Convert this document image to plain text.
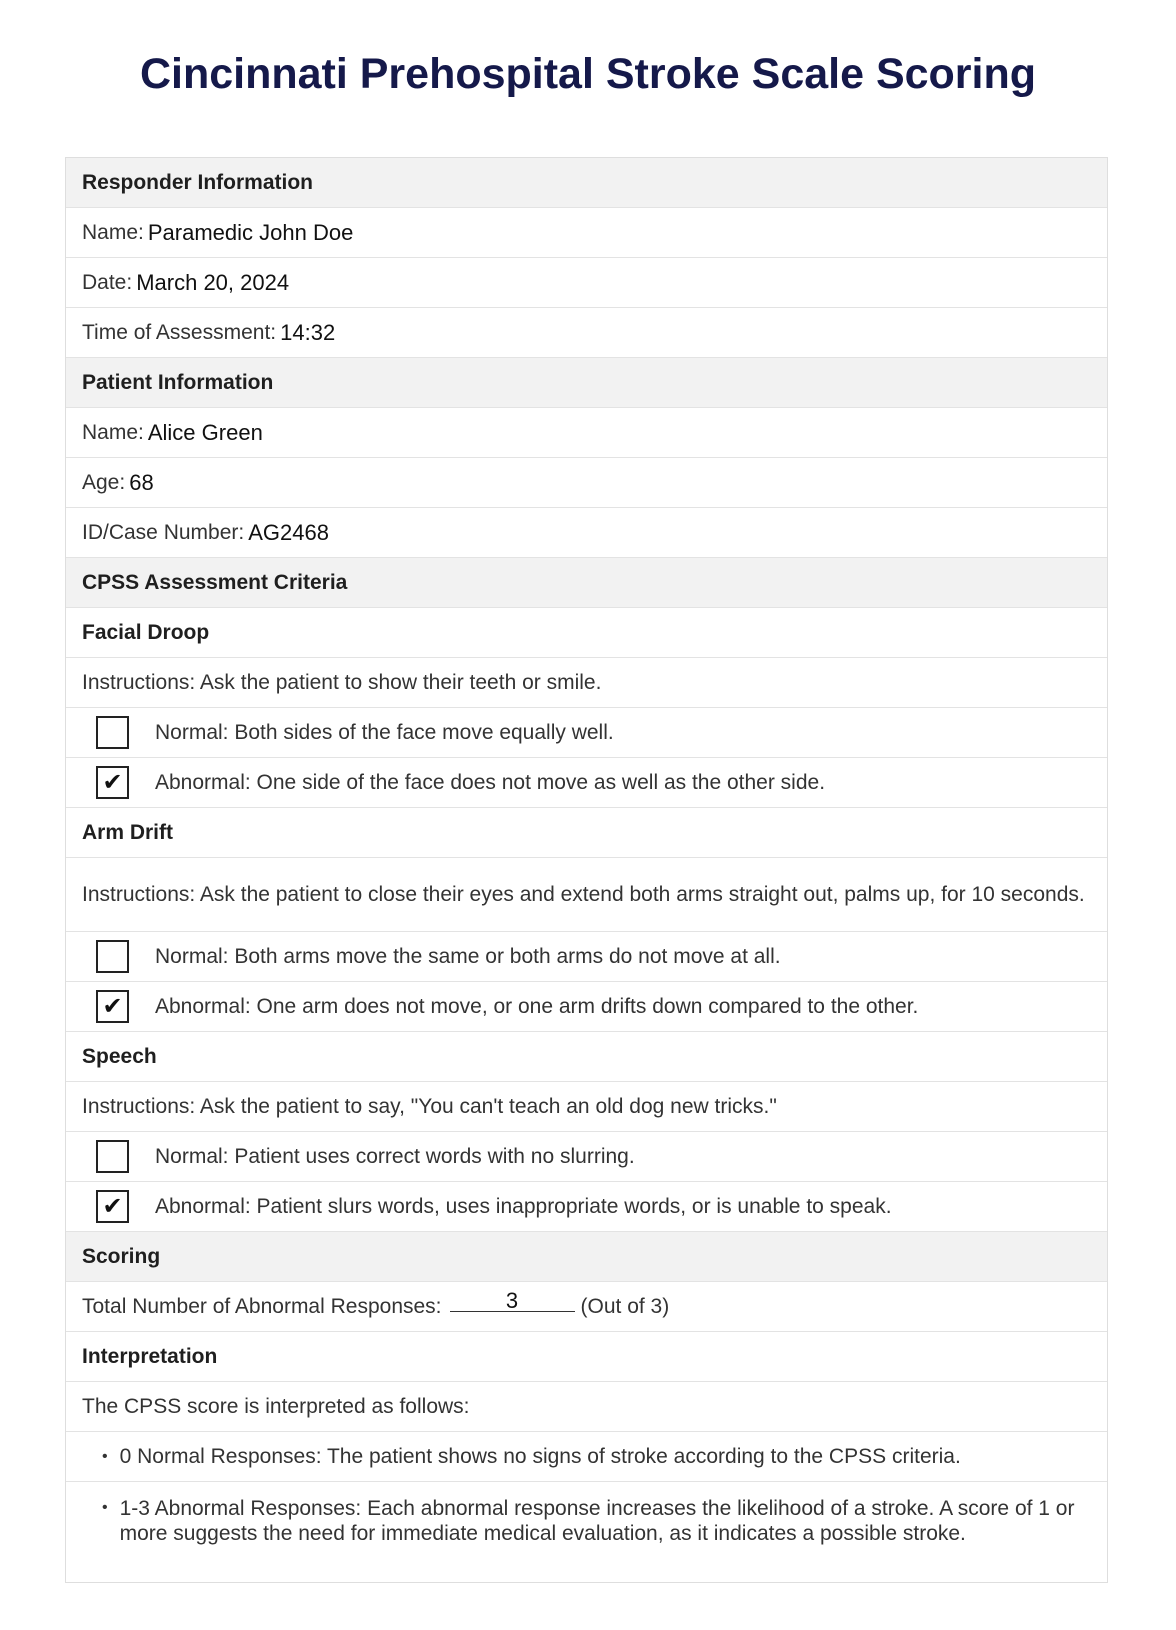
Cincinnati Prehospital Stroke Scale Scoring
Responder Information
Name: Paramedic John Doe
Date: March 20, 2024
Time of Assessment: 14:32
Patient Information
Name: Alice Green
Age: 68
ID/Case Number: AG2468
CPSS Assessment Criteria
Facial Droop
Instructions: Ask the patient to show their teeth or smile.
Normal: Both sides of the face move equally well.
✔	Abnormal: One side of the face does not move as well as the other side.
Arm Drift
Instructions: Ask the patient to close their eyes and extend both arms straight out, palms up, for 10 seconds.
Normal: Both arms move the same or both arms do not move at all.
✔	Abnormal: One arm does not move, or one arm drifts down compared to the other.
Speech
Instructions: Ask the patient to say, "You can't teach an old dog new tricks."
Normal: Patient uses correct words with no slurring.
✔	Abnormal: Patient slurs words, uses inappropriate words, or is unable to speak.
Scoring
Total Number of Abnormal Responses:	3	(Out of 3)
Interpretation
The CPSS score is interpreted as follows:
• 0 Normal Responses: The patient shows no signs of stroke according to the CPSS criteria.
• 1-3 Abnormal Responses: Each abnormal response increases the likelihood of a stroke. A score of 1 or more suggests the need for immediate medical evaluation, as it indicates a possible stroke.
